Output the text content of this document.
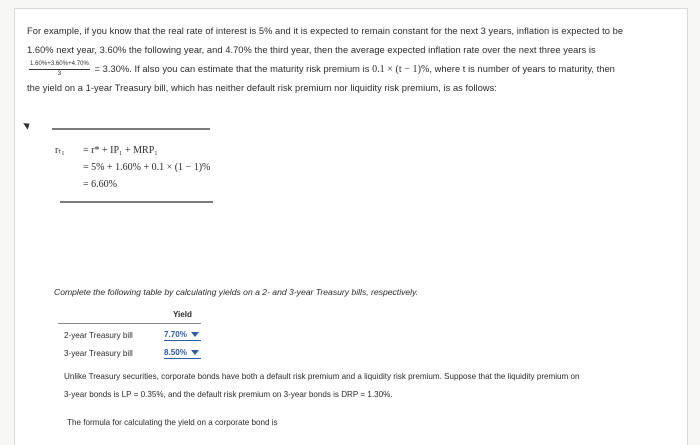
For example, if you know that the real rate of interest is 5% and it is expected to remain constant for the next 3 years, inflation is expected to be
1.60% next year, 3.60% the following year, and 4.70% the third year, then the average expected inflation rate over the next three years is

$\frac{1.60\%+3.60\%+4.70\%}{3} = 3.30\%$. If also you can estimate that the maturity risk premium is 0.1 × (t − 1)%, where t is number of years to maturity, then
the yield on a 1-year Treasury bill, which has neither default risk premium nor liquidity risk premium, is as follows:
rₜ₁ = r* + IP₁ + MRP₁
= 5% + 1.60% + 0.1 × (1 − 1)%
= 6.60%
Complete the following table by calculating yields on a 2- and 3-year Treasury bills, respectively.
	Yield
2-year Treasury bill	7.70%
3-year Treasury bill	8.50%
Unlike Treasury securities, corporate bonds have both a default risk premium and a liquidity risk premium. Suppose that the liquidity premium on
3-year bonds is LP = 0.35%, and the default risk premium on 3-year bonds is DRP = 1.30%.
The formula for calculating the yield on a corporate bond is
